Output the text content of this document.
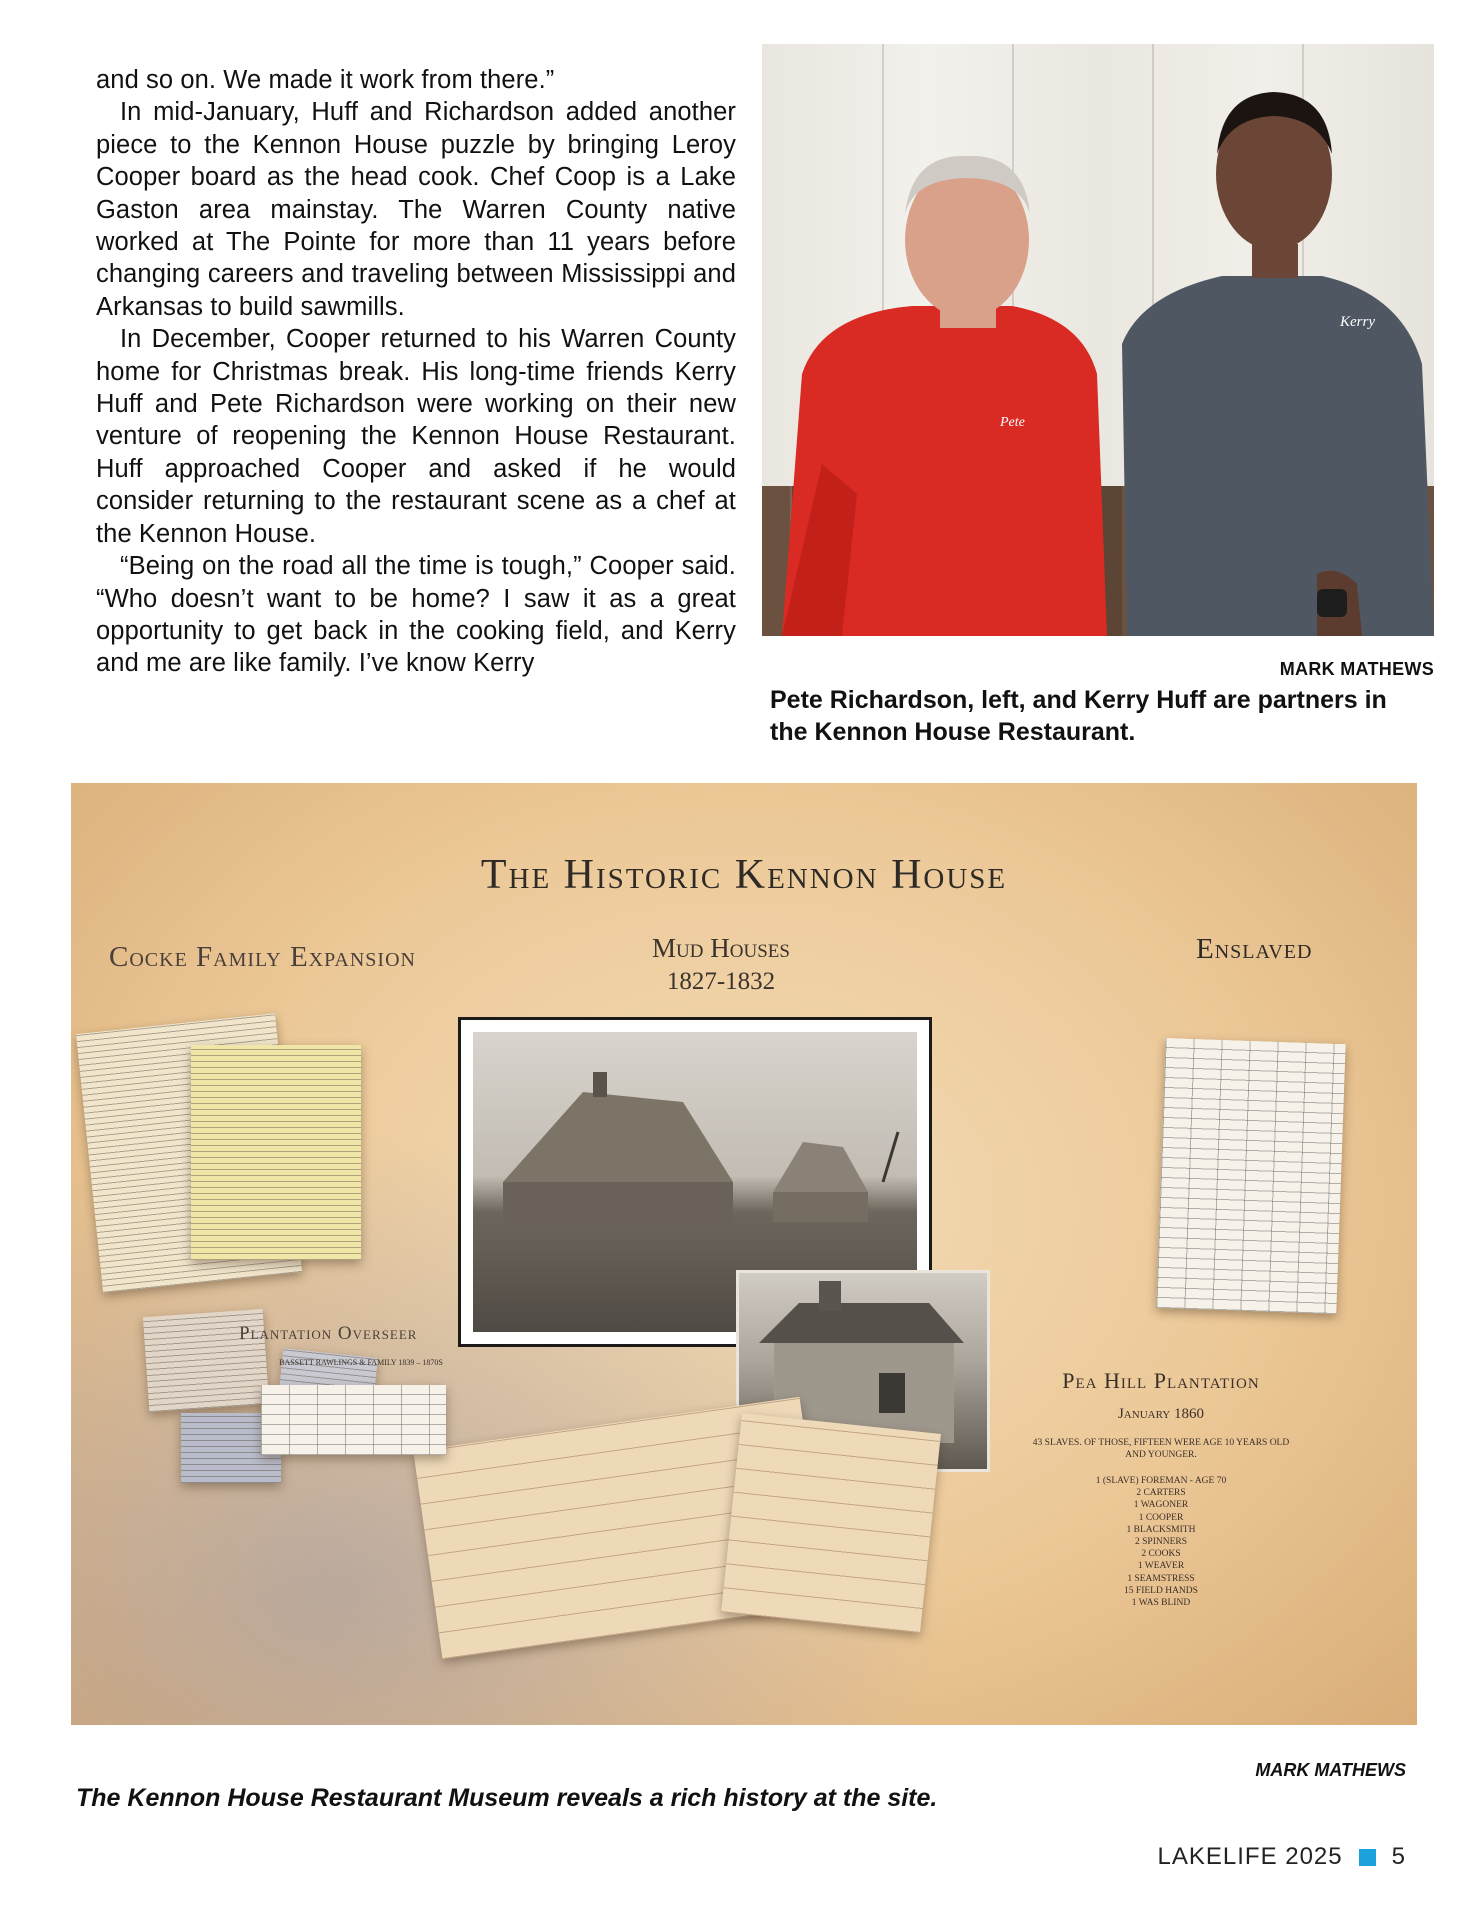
and so on. We made it work from there.”

In mid-January, Huff and Richardson added another piece to the Kennon House puzzle by bringing Leroy Cooper board as the head cook. Chef Coop is a Lake Gaston area mainstay. The Warren County native worked at The Pointe for more than 11 years before changing careers and traveling between Mississippi and Arkansas to build sawmills.

In December, Cooper returned to his Warren County home for Christmas break. His long-time friends Kerry Huff and Pete Richardson were working on their new venture of reopening the Kennon House Restaurant. Huff approached Cooper and asked if he would consider returning to the restaurant scene as a chef at the Kennon House.

“Being on the road all the time is tough,” Cooper said. “Who doesn’t want to be home? I saw it as a great opportunity to get back in the cooking field, and Kerry and me are like family. I’ve know Kerry

Pete
Kerry
MARK MATHEWS
Pete Richardson, left, and Kerry Huff are partners in the Kennon House Restaurant.
The Historic Kennon House
Cocke Family Expansion	Mud Houses
1827-1832
Enslaved
Plantation Overseer
BASSETT RAWLINGS & FAMILY 1839 – 1870S
Pea Hill Plantation
January 1860
43 SLAVES. OF THOSE, FIFTEEN WERE AGE 10 YEARS OLD AND YOUNGER.
1 (SLAVE) FOREMAN - AGE 70
2 CARTERS
1 WAGONER
1 COOPER
1 BLACKSMITH
2 SPINNERS
2 COOKS
1 WEAVER
1 SEAMSTRESS
15 FIELD HANDS
1 WAS BLIND
MARK MATHEWS
The Kennon House Restaurant Museum reveals a rich history at the site.
LAKELIFE 2025 5
